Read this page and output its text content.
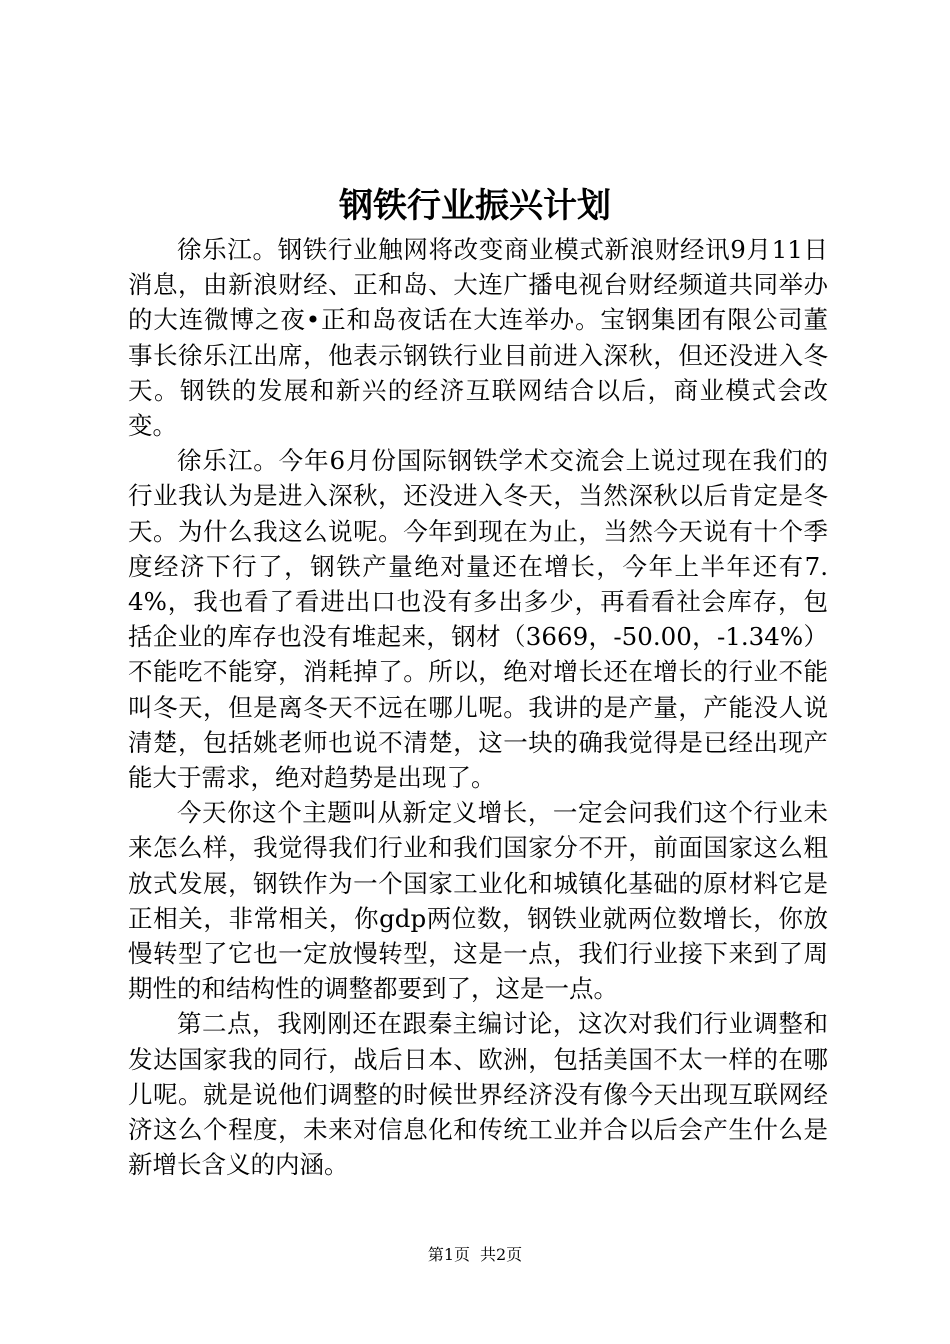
钢铁行业振兴计划

徐乐江。钢铁行业触网将改变商业模式新浪财经讯9月11日消息，由新浪财经、正和岛、大连广播电视台财经频道共同举办的大连微博之夜•正和岛夜话在大连举办。宝钢集团有限公司董事长徐乐江出席，他表示钢铁行业目前进入深秋，但还没进入冬天。钢铁的发展和新兴的经济互联网结合以后，商业模式会改变。

徐乐江。今年6月份国际钢铁学术交流会上说过现在我们的行业我认为是进入深秋，还没进入冬天，当然深秋以后肯定是冬天。为什么我这么说呢。今年到现在为止，当然今天说有十个季度经济下行了，钢铁产量绝对量还在增长，今年上半年还有7.4%，我也看了看进出口也没有多出多少，再看看社会库存，包括企业的库存也没有堆起来，钢材（3669，-50.00，-1.34%）不能吃不能穿，消耗掉了。所以，绝对增长还在增长的行业不能叫冬天，但是离冬天不远在哪儿呢。我讲的是产量，产能没人说清楚，包括姚老师也说不清楚，这一块的确我觉得是已经出现产能大于需求，绝对趋势是出现了。

今天你这个主题叫从新定义增长，一定会问我们这个行业未来怎么样，我觉得我们行业和我们国家分不开，前面国家这么粗放式发展，钢铁作为一个国家工业化和城镇化基础的原材料它是正相关，非常相关，你gdp两位数，钢铁业就两位数增长，你放慢转型了它也一定放慢转型，这是一点，我们行业接下来到了周期性的和结构性的调整都要到了，这是一点。

第二点，我刚刚还在跟秦主编讨论，这次对我们行业调整和发达国家我的同行，战后日本、欧洲，包括美国不太一样的在哪儿呢。就是说他们调整的时候世界经济没有像今天出现互联网经济这么个程度，未来对信息化和传统工业并合以后会产生什么是新增长含义的内涵。

第1页 共2页
